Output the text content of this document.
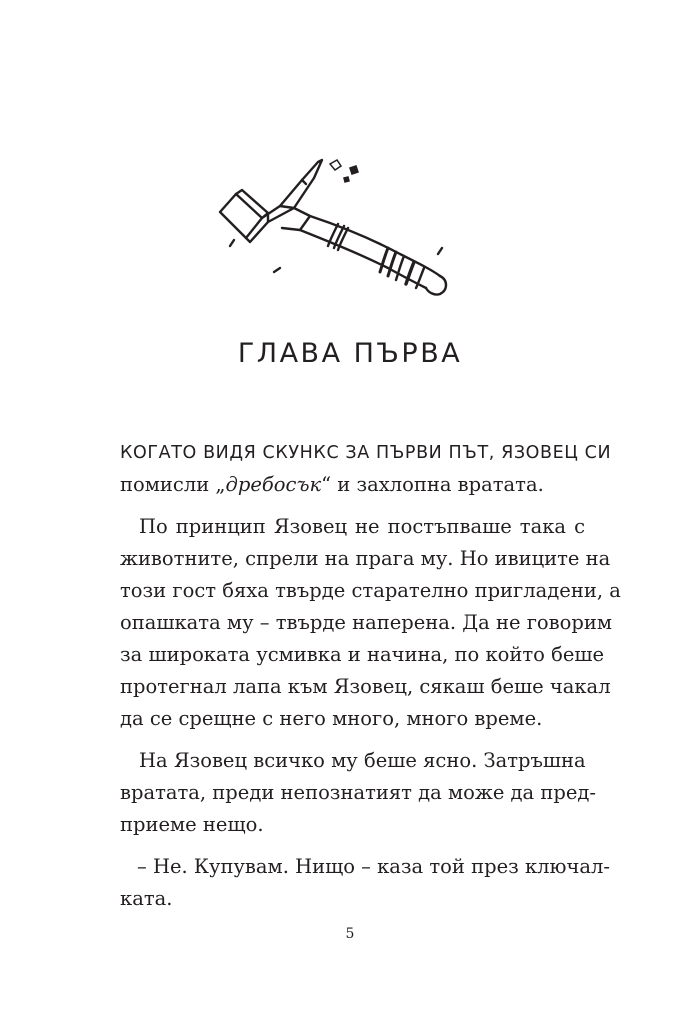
ГЛАВА ПЪРВА
КОГАТО ВИДЯ СКУНКС ЗА ПЪРВИ ПЪТ, ЯЗОВЕЦ СИ
помисли „дребосък“ и захлопна вратата.
По принцип Язовец не постъпваше така с
животните, спрели на прага му. Но ивиците на
този гост бяха твърде старателно пригладени, а
опашката му – твърде наперена. Да не говорим
за широката усмивка и начина, по който беше
протегнал лапа към Язовец, сякаш беше чакал
да се срещне с него много, много време.
На Язовец всичко му беше ясно. Затръшна
вратата, преди непознатият да може да пред-
приеме нещо.
– Не. Купувам. Нищо – каза той през ключал-
ката.
5
